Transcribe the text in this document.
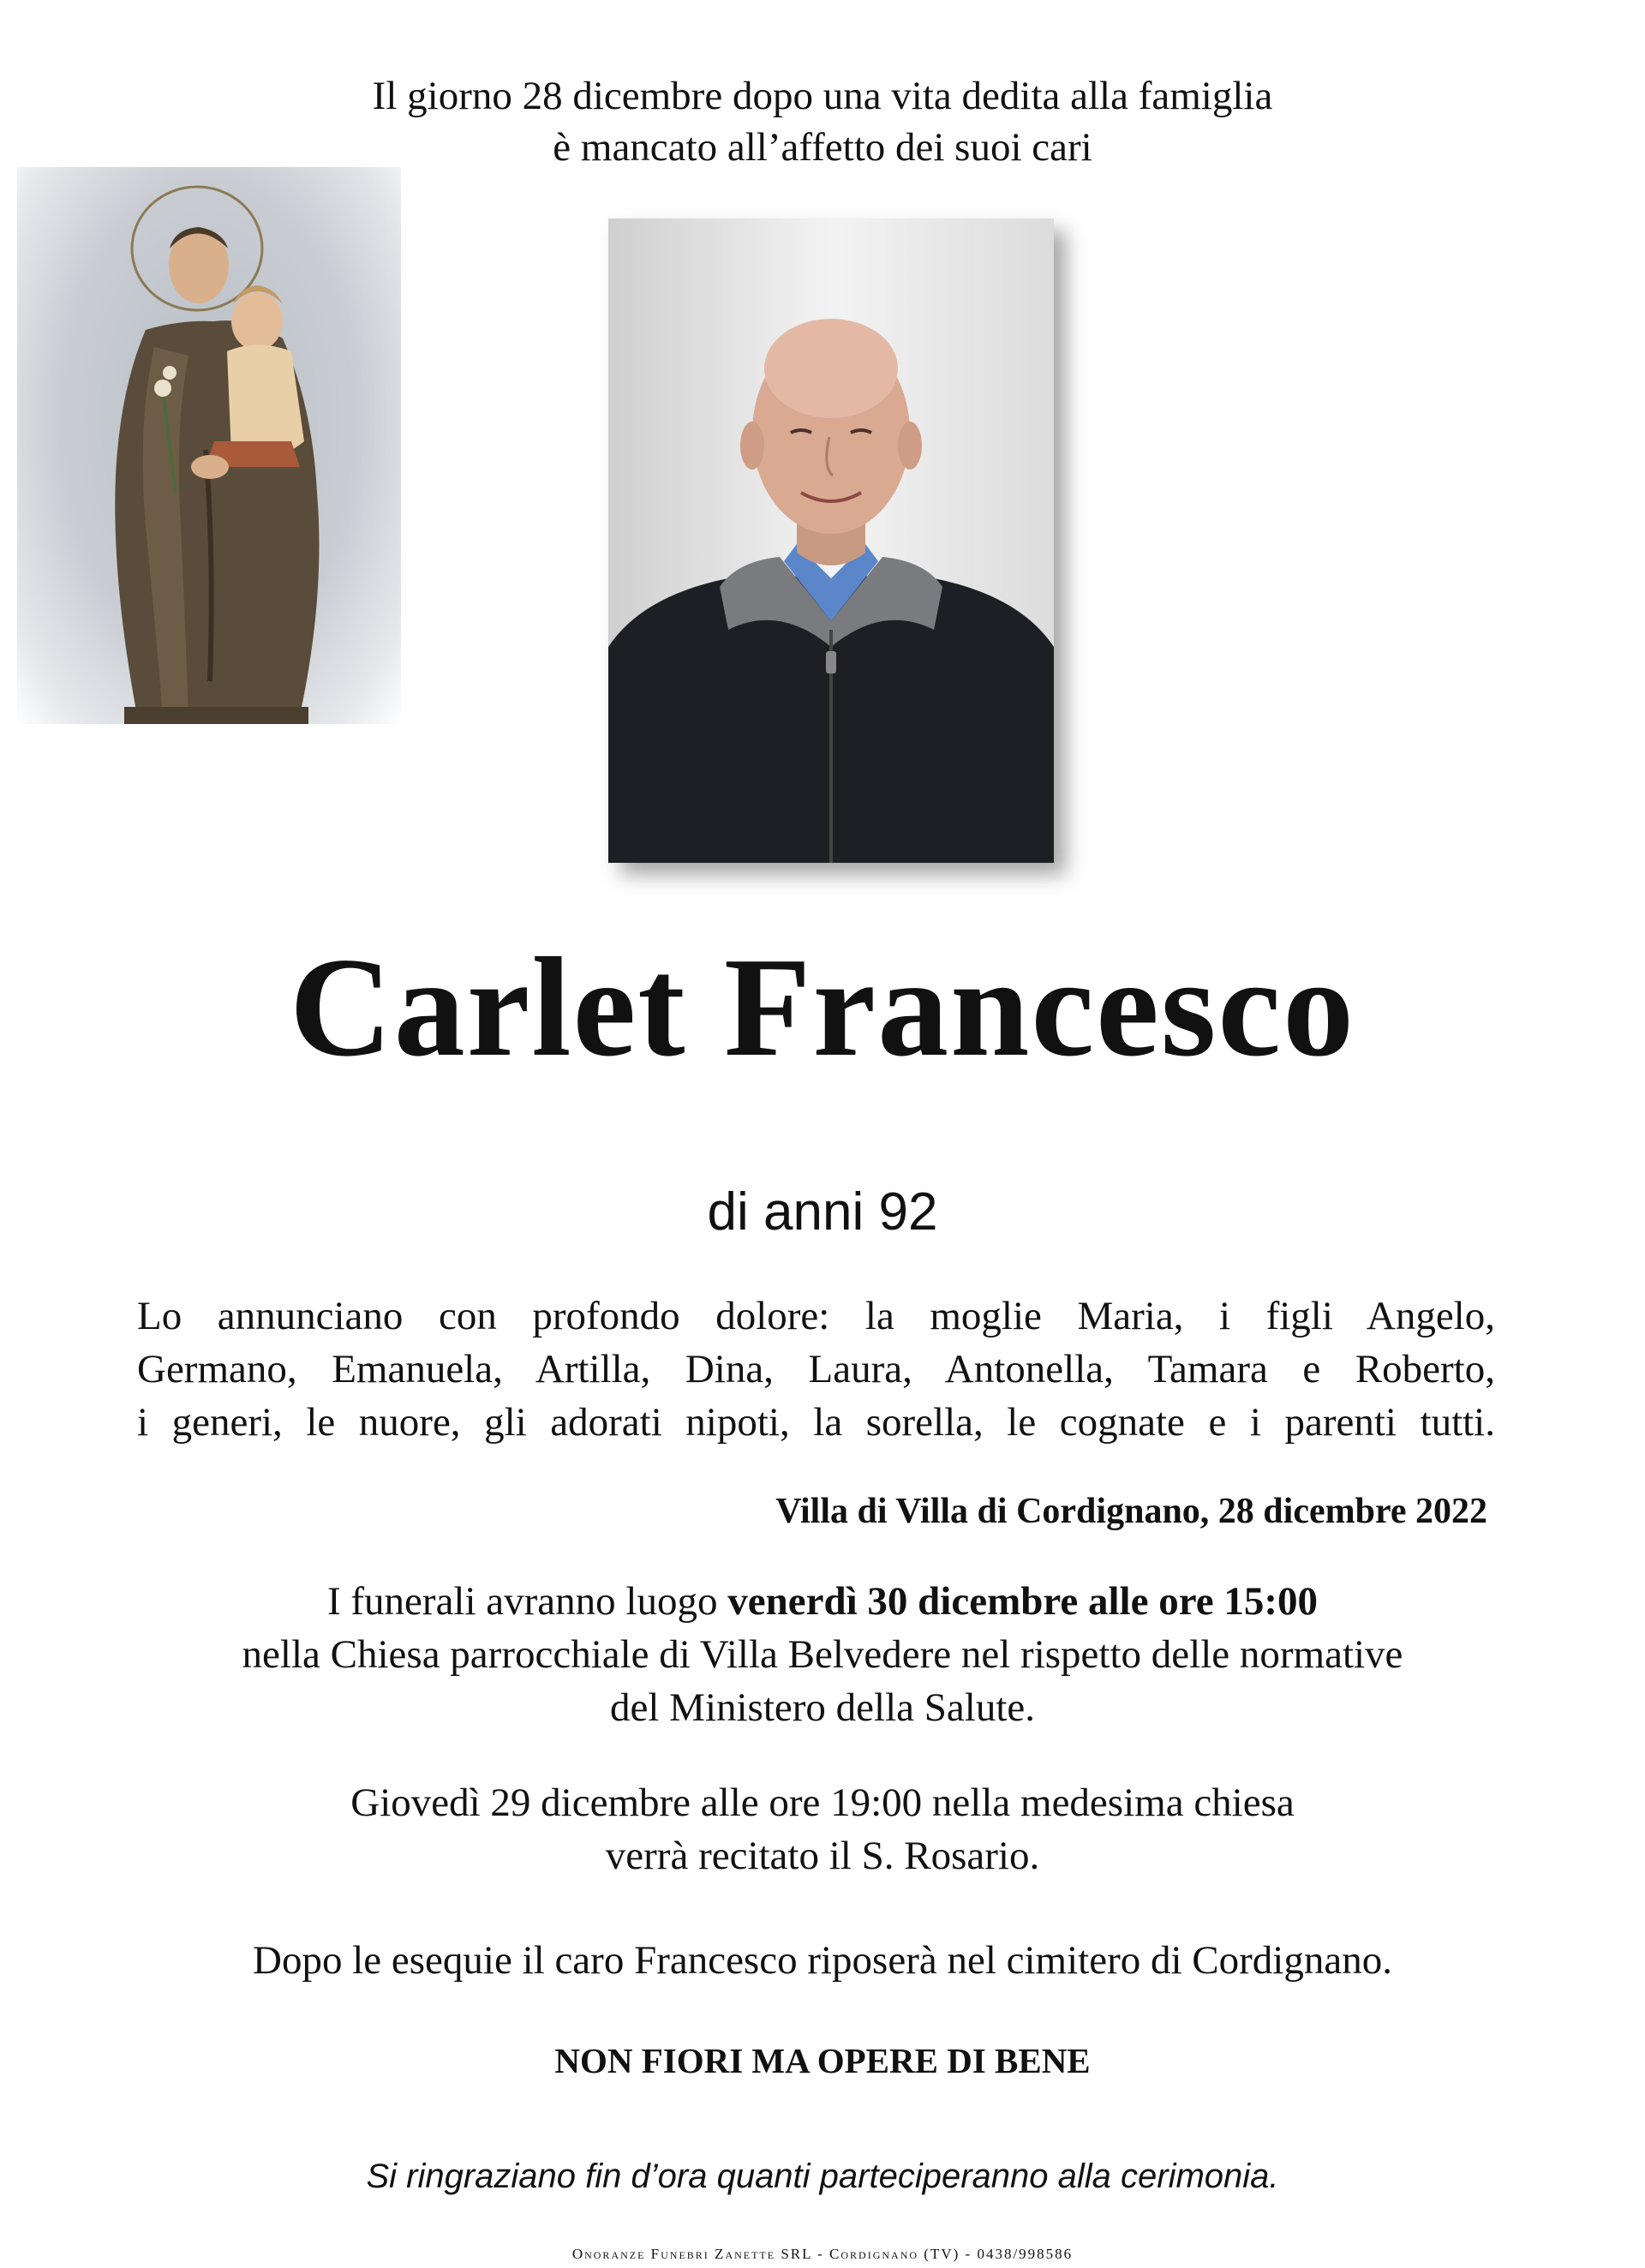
Il giorno 28 dicembre dopo una vita dedita alla famiglia
è mancato all’affetto dei suoi cari
Carlet Francesco
di anni 92
Lo annunciano con profondo dolore: la moglie Maria, i figli Angelo,
Germano, Emanuela, Artilla, Dina, Laura, Antonella, Tamara e Roberto,
i generi, le nuore, gli adorati nipoti, la sorella, le cognate e i parenti tutti.
Villa di Villa di Cordignano, 28 dicembre 2022
I funerali avranno luogo venerdì 30 dicembre alle ore 15:00
nella Chiesa parrocchiale di Villa Belvedere nel rispetto delle normative
del Ministero della Salute.
Giovedì 29 dicembre alle ore 19:00 nella medesima chiesa
verrà recitato il S. Rosario.
Dopo le esequie il caro Francesco riposerà nel cimitero di Cordignano.
NON FIORI MA OPERE DI BENE
Si ringraziano fin d’ora quanti parteciperanno alla cerimonia.
Onoranze Funebri Zanette SRL - Cordignano (TV) - 0438/998586
